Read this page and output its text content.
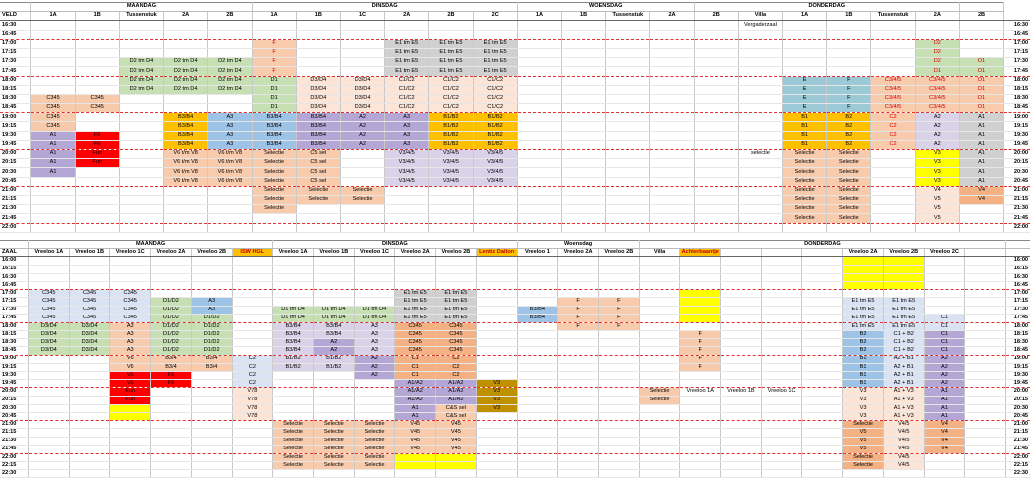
	MAANDAG					DINSDAG						WOENSDAG				DONDERDAG							
VELD	1A	1B	Tussenstuk	2A	2B	1A	1B	1C	2A	2B	2C	1A	1B	Tussenstuk	2A	2B	Villa	1A	1B	Tussenstuk	2A	2B	
16:30																	Vergaderzaal						16:30
16:45																							16:45
17:00						F			E1 tm E5	E1 tm E5	E1 tm E5										D2		17:00
17:15						F			E1 tm E5	E1 tm E5	E1 tm E5										D2		17:15
17:30			D2 tm D4	D2 tm D4	D2 tm D4	F			E1 tm E5	E1 tm E5	E1 tm E5										D2	D1	17:30
17:45			D2 tm D4	D2 tm D4	D2 tm D4	F			E1 tm E5	E1 tm E5	E1 tm E5										D1	D1	17:45
18:00			D2 tm D4	D2 tm D4	D2 tm D4	D1	D3/D4	D3/D4	C1/C2	C1/C2	C1/C2							E	F	C3/4/5	C3/4/5	D1	18:00
18:15			D2 tm D4	D2 tm D4	D2 tm D4	D1	D3/D4	D3/D4	C1/C2	C1/C2	C1/C2							E	F	C3/4/5	C3/4/5	D1	18:15
18:30	C345	C345				D1	D3/D4	D3/D4	C1/C2	C1/C2	C1/C2							E	F	C3/4/5	C3/4/5	D1	18:30
18:45	C345	C345				D1	D3/D4	D3/D4	C1/C2	C1/C2	C1/C2							E	F	C3/4/5	C3/4/5	D1	18:45
19:00	C345			B3/B4	A3	B3/B4	B3/B4	A2	A3	B1/B2	B1/B2							B1	B2	C2	A2	A1	19:00
19:15	C345			B3/B4	A3	B3/B4	B3/B4	A2	A3	B1/B2	B1/B2							B1	B2	C2	A2	A1	19:15
19:30	A1	F6		B3/B4	A3	B3/B4	B3/B4	A2	A3	B1/B2	B1/B2							B1	B2	C2	A2	A1	19:30
19:45	A1	F6		B3/B4	A3	B3/B4	B3/B4	A2	A3	B1/B2	B1/B2							B1	B2	C2	A2	A1	19:45
20:00	A1	Fun		V6 t/m V8	V6 t/m V8	Selectie	C5 sel		V3/4/5	V3/4/5	V3/4/5						selectie	Selectie	Selectie		V3	A1	20:00
20:15	A1	Fun		V6 t/m V8	V6 t/m V8	Selectie	C5 sel		V3/4/5	V3/4/5	V3/4/5							Selectie	Selectie		V3	A1	20:15
20:30	A1			V6 t/m V8	V6 t/m V8	Selectie	C5 sel		V3/4/5	V3/4/5	V3/4/5							Selectie	Selectie		V3	A1	20:30
20:45				V6 t/m V8	V6 t/m V8	Selectie	C5 sel		V3/4/5	V3/4/5	V3/4/5							Selectie	Selectie		V3	A1	20:45
21:00						Selectie	Selectie	Selectie										Selectie	Selectie		V4	V4	21:00
21:15						Selectie	Selectie	Selectie										Selectie	Selectie		V5	V4	21:15
21:30						Selectie												Selectie	Selectie		V5		21:30
21:45																		Selectie	Selectie		V5		21:45
22:00																							22:00
	MAANDAG						DINSDAG						Woensdag			DONDERDAG									
ZAAL	Vreeloo 1A	Vreeloo 1B	Vreeloo 1C	Vreeloo 2A	Vreeloo 2B	ISW HGL	Vreeloo 1A	Vreeloo 1B	Vreeloo 1C	Vreeloo 2A	Vreeloo 2B	Lentiz Dalton	Vreeloo 1	Vreeloo 2A	Vreeloo 2B	Villa	Achterbaantje				Vreeloo 2A	Vreeloo 2B	Vreeloo 2C		
16:00																									16:00
16:15																									16:15
16:30																									16:30
16:45																									16:45
17:00	C345	C345	C345							E1 tm E5	E1 tm E5														17:00
17:15	C345	C345	C345	D1/D2	A3					E1 tm E5	E1 tm E5			F	F						E1 tm E5	E1 tm E5			17:15
17:30	C345	C345	C345	D1/D2	A3		D1 tm D4	D1 tm D4	D1 tm D4	E1 tm E5	E1 tm E5		B3/B4	F	F						E1 tm E5	E1 tm E5			17:30
17:45	C345	C345	C345	D1/D2	D1/D2		D1 tm D4	D1 tm D4	D1 tm D4	E1 tm E5	E1 tm E5		B3/B4	F	F						E1 tm E5	E1 tm E5	C1		17:45
18:00	D3/D4	D3/D4	A3	D1/D2	D1/D2		B3/B4	B3/B4	A3	C345	C345			F	F						E1 tm E5	E1 tm E5	C1		18:00
18:15	D3/D4	D3/D4	A3	D1/D2	D1/D2		B3/B4	B3/B4	A3	C345	C345						F				B2	C1 + B2	C1		18:15
18:30	D3/D4	D3/D4	A3	D1/D2	D1/D2		B3/B4	A2	A3	C345	C345						F				B2	C1 + B2	C1		18:30
18:45	D3/D4	D3/D4	A3	D1/D2	D1/D2		B3/B4	A2	A3	C345	C345						F				B2	C1 + B2	C1		18:45
19:00			V6	B3/4	B3/4	C2	B1/B2	B1/B2	A2	C1	C2						F				B1	A2 + B1	A2		19:00
19:15			V6	B3/4	B3/4	C2	B1/B2	B1/B2	A2	C1	C2						F				B1	A2 + B1	A2		19:15
19:30			V6	F6		C2			A2	C1	C2										B1	A2 + B1	A2		19:30
19:45			V6	F6		C2				A1/A2	A1/A2	V3									B1	A2 + B1	A2		19:45
20:00			Fun			V78				A1/A2	A1/A2	V3				Selectie	Vreeloo 1A	Vreeloo 1B	Vreeloo 1C		V3	A1 + V3	A1		20:00
20:15			Fun			V78				A1/A2	A1/A2	V3				Selectie					V3	A1 + V3	A1		20:15
20:30						V78				A1	C&S sel	V3									V3	A1 + V3	A1		20:30
20:45						V78				A1	C&S sel										V3	A1 + V3	A1		20:45
21:00							Selectie	Selectie	Selectie	V45	V45										Selectie	V4/5	V4		21:00
21:15							Selectie	Selectie	Selectie	V45	V45										V5	V4/5	V4		21:15
21:30							Selectie	Selectie	Selectie	V45	V45										V5	V4/5	V4		21:30
21:45							Selectie	Selectie	Selectie	V45	V45										V5	V4/5	V4		21:45
22:00							Selectie	Selectie	Selectie												Selectie	V4/5			22:00
22:15							Selectie	Selectie	Selectie												Selectie	V4/5			22:15
22:30																									22:30
